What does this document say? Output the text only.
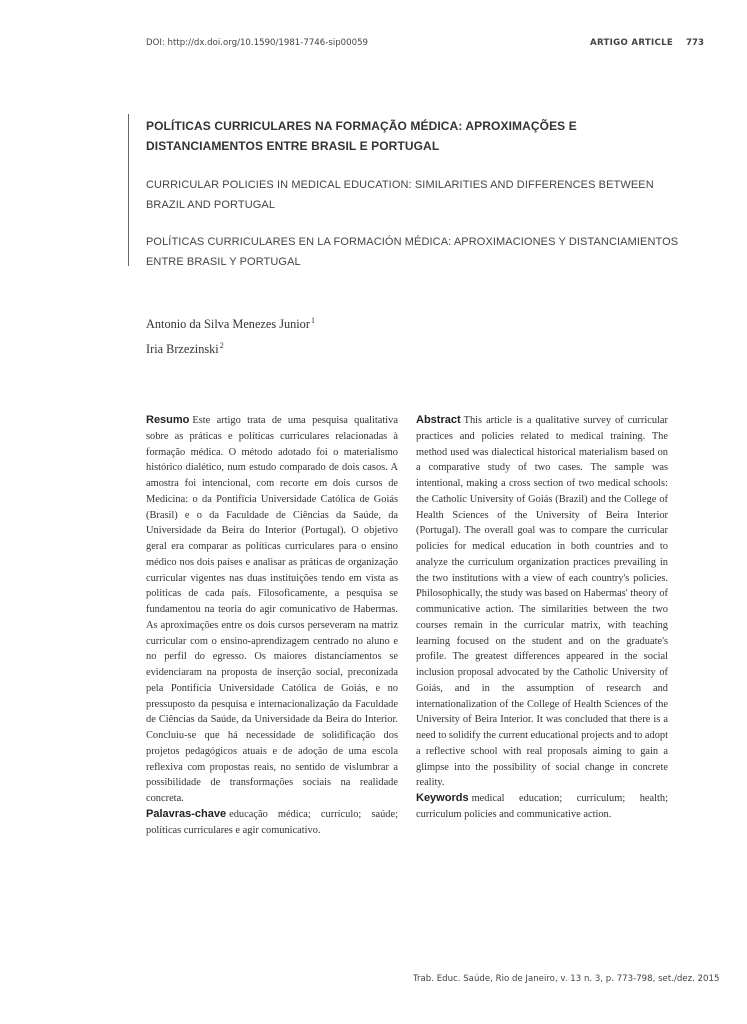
DOI: http://dx.doi.org/10.1590/1981-7746-sip00059	ARTIGO ARTICLE 773
POLÍTICAS CURRICULARES NA FORMAÇÃO MÉDICA: APROXIMAÇÕES E DISTANCIAMENTOS ENTRE BRASIL E PORTUGAL
CURRICULAR POLICIES IN MEDICAL EDUCATION: SIMILARITIES AND DIFFERENCES BETWEEN BRAZIL AND PORTUGAL
POLÍTICAS CURRICULARES EN LA FORMACIÓN MÉDICA: APROXIMACIONES Y DISTANCIAMIENTOS ENTRE BRASIL Y PORTUGAL
Antonio da Silva Menezes Junior$^1$
Iria Brzezinski$^2$
Resumo Este artigo trata de uma pesquisa qualitativa sobre as práticas e políticas curriculares relacionadas à formação médica. O método adotado foi o materialismo histórico dialético, num estudo comparado de dois casos. A amostra foi intencional, com recorte em dois cursos de Medicina: o da Pontifícia Universidade Católica de Goiás (Brasil) e o da Faculdade de Ciências da Saúde, da Universidade da Beira do Interior (Portugal). O objetivo geral era comparar as políticas curriculares para o ensino médico nos dois países e analisar as práticas de organização curricular vigentes nas duas instituições tendo em vista as políticas de cada país. Filosoficamente, a pesquisa se fundamentou na teoria do agir comunicativo de Habermas. As aproximações entre os dois cursos perseveram na matriz curricular com o ensino-aprendizagem centrado no aluno e no perfil do egresso. Os maiores distanciamentos se evidenciaram na proposta de inserção social, preconizada pela Pontifícia Universidade Católica de Goiás, e no pressuposto da pesquisa e internacionalização da Faculdade de Ciências da Saúde, da Universidade da Beira do Interior. Concluiu-se que há necessidade de solidificação dos projetos pedagógicos atuais e de adoção de uma escola reflexiva com propostas reais, no sentido de vislumbrar a possibilidade de transformações sociais na realidade concreta.
Palavras-chave educação médica; currículo; saúde; políticas curriculares e agir comunicativo.
Abstract This article is a qualitative survey of curricular practices and policies related to medical training. The method used was dialectical historical materialism based on a comparative study of two cases. The sample was intentional, making a cross section of two medical schools: the Catholic University of Goiás (Brazil) and the College of Health Sciences of the University of Beira Interior (Portugal). The overall goal was to compare the curricular policies for medical education in both countries and to analyze the curriculum organization practices prevailing in the two institutions with a view of each country's policies. Philosophically, the study was based on Habermas' theory of communicative action. The similarities between the two courses remain in the curricular matrix, with teaching learning focused on the student and on the graduate's profile. The greatest differences appeared in the social inclusion proposal advocated by the Catholic University of Goiás, and in the assumption of research and internationalization of the College of Health Sciences of the University of Beira Interior. It was concluded that there is a need to solidify the current educational projects and to adopt a reflective school with real proposals aiming to gain a glimpse into the possibility of social change in concrete reality.
Keywords medical education; curriculum; health; curriculum policies and communicative action.
Trab. Educ. Saúde, Rio de Janeiro, v. 13 n. 3, p. 773-798, set./dez. 2015
